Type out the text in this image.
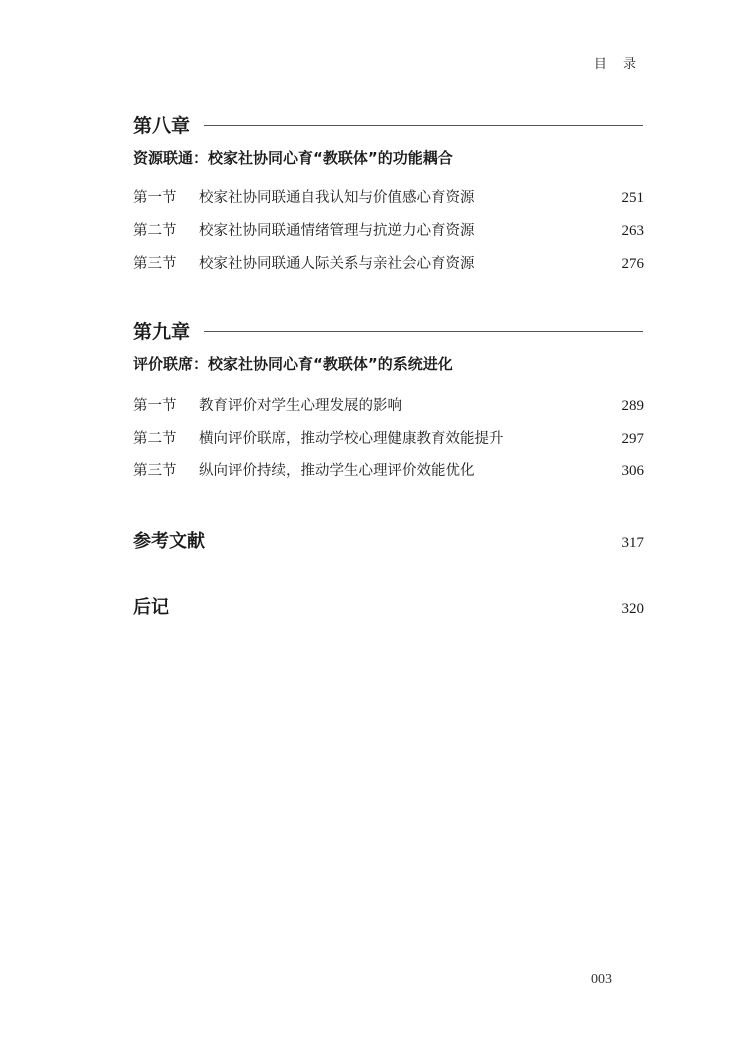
目 录
第八章
资源联通：校家社协同心育“教联体”的功能耦合
第一节	校家社协同联通自我认知与价值感心育资源	251
第二节	校家社协同联通情绪管理与抗逆力心育资源	263
第三节	校家社协同联通人际关系与亲社会心育资源	276
第九章
评价联席：校家社协同心育“教联体”的系统进化
第一节	教育评价对学生心理发展的影响	289
第二节	横向评价联席，推动学校心理健康教育效能提升	297
第三节	纵向评价持续，推动学生心理评价效能优化	306
参考文献	317
后记	320
003
